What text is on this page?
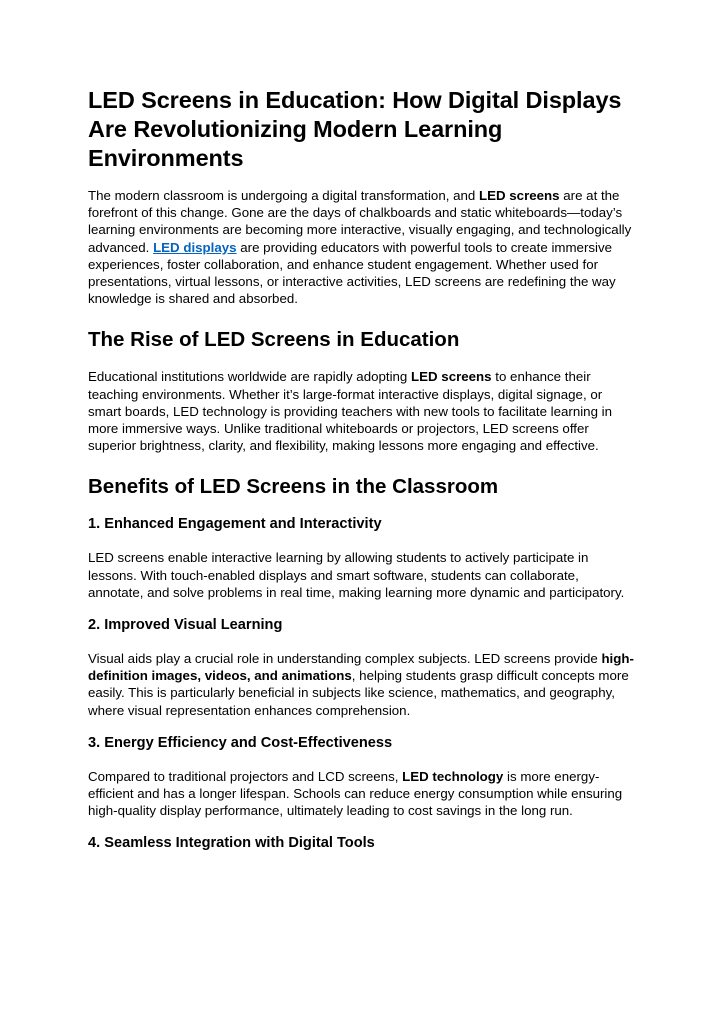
LED Screens in Education: How Digital Displays Are Revolutionizing Modern Learning Environments

The modern classroom is undergoing a digital transformation, and LED screens are at the forefront of this change. Gone are the days of chalkboards and static whiteboards—today’s learning environments are becoming more interactive, visually engaging, and technologically advanced. LED displays are providing educators with powerful tools to create immersive experiences, foster collaboration, and enhance student engagement. Whether used for presentations, virtual lessons, or interactive activities, LED screens are redefining the way knowledge is shared and absorbed.

The Rise of LED Screens in Education

Educational institutions worldwide are rapidly adopting LED screens to enhance their teaching environments. Whether it’s large-format interactive displays, digital signage, or smart boards, LED technology is providing teachers with new tools to facilitate learning in more immersive ways. Unlike traditional whiteboards or projectors, LED screens offer superior brightness, clarity, and flexibility, making lessons more engaging and effective.

Benefits of LED Screens in the Classroom
1. Enhanced Engagement and Interactivity

LED screens enable interactive learning by allowing students to actively participate in lessons. With touch-enabled displays and smart software, students can collaborate, annotate, and solve problems in real time, making learning more dynamic and participatory.

2. Improved Visual Learning

Visual aids play a crucial role in understanding complex subjects. LED screens provide high-definition images, videos, and animations, helping students grasp difficult concepts more easily. This is particularly beneficial in subjects like science, mathematics, and geography, where visual representation enhances comprehension.

3. Energy Efficiency and Cost-Effectiveness

Compared to traditional projectors and LCD screens, LED technology is more energy-efficient and has a longer lifespan. Schools can reduce energy consumption while ensuring high-quality display performance, ultimately leading to cost savings in the long run.

4. Seamless Integration with Digital Tools
